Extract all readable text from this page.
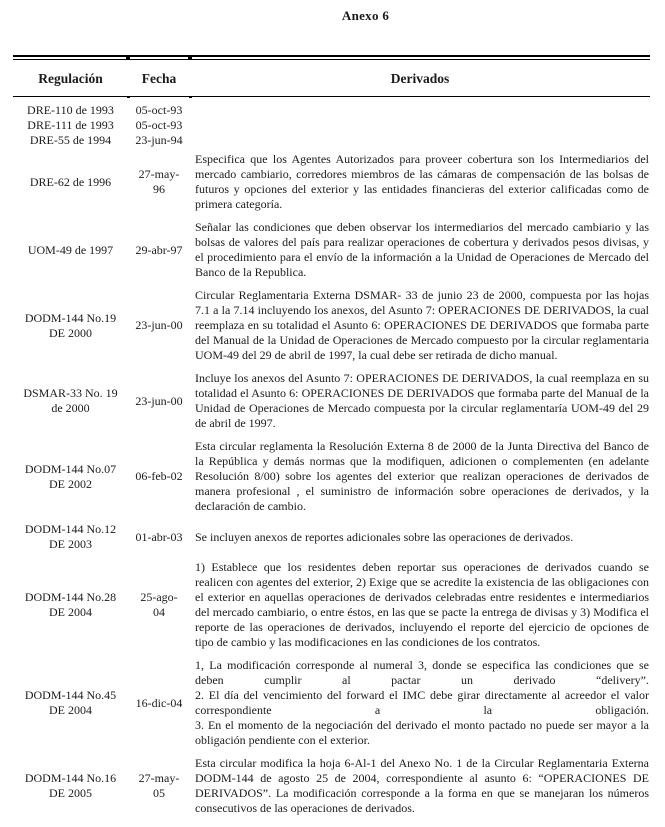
Anexo 6
Regulación	Fecha	Derivados
DRE-110 de 1993	05-oct-93	
DRE-111 de 1993	05-oct-93	
DRE-55 de 1994	23-jun-94	
DRE-62 de 1996	27-may-96	Especifica que los Agentes Autorizados para proveer cobertura son los Intermediarios del mercado cambiario, corredores miembros de las cámaras de compensación de las bolsas de futuros y opciones del exterior y las entidades financieras del exterior calificadas como de primera categoría.

UOM-49 de 1997	29-abr-97	Señalar las condiciones que deben observar los intermediarios del mercado cambiario y las bolsas de valores del país para realizar operaciones de cobertura y derivados pesos divisas, y el procedimiento para el envío de la información a la Unidad de Operaciones de Mercado del Banco de la Republica.

DODM-144 No.19 DE 2000	23-jun-00	Circular Reglamentaria Externa DSMAR- 33 de junio 23 de 2000, compuesta por las hojas 7.1 a la 7.14 incluyendo los anexos, del Asunto 7: OPERACIONES DE DERIVADOS, la cual reemplaza en su totalidad el Asunto 6: OPERACIONES DE DERIVADOS que formaba parte del Manual de la Unidad de Operaciones de Mercado compuesto por la circular reglamentaria UOM-49 del 29 de abril de 1997, la cual debe ser retirada de dicho manual.

DSMAR-33 No. 19 de 2000	23-jun-00	Incluye los anexos del Asunto 7: OPERACIONES DE DERIVADOS, la cual reemplaza en su totalidad el Asunto 6: OPERACIONES DE DERIVADOS que formaba parte del Manual de la Unidad de Operaciones de Mercado compuesta por la circular reglamentaría UOM-49 del 29 de abril de 1997.

DODM-144 No.07 DE 2002	06-feb-02	Esta circular reglamenta la Resolución Externa 8 de 2000 de la Junta Directiva del Banco de la República y demás normas que la modifiquen, adicionen o complementen (en adelante Resolución 8/00) sobre los agentes del exterior que realizan operaciones de derivados de manera profesional , el suministro de información sobre operaciones de derivados, y la declaración de cambio.

DODM-144 No.12 DE 2003	01-abr-03	Se incluyen anexos de reportes adicionales sobre las operaciones de derivados.

DODM-144 No.28 DE 2004	25-ago-04	1) Establece que los residentes deben reportar sus operaciones de derivados cuando se realicen con agentes del exterior, 2) Exige que se acredite la existencia de las obligaciones con el exterior en aquellas operaciones de derivados celebradas entre residentes e intermediarios del mercado cambiario, o entre éstos, en las que se pacte la entrega de divisas y 3) Modifica el reporte de las operaciones de derivados, incluyendo el reporte del ejercicio de opciones de tipo de cambio y las modificaciones en las condiciones de los contratos.

DODM-144 No.45 DE 2004	16-dic-04	1, La modificación corresponde al numeral 3, donde se especifica las condiciones que se deben cumplir al pactar un derivado “delivery”.

2. El día del vencimiento del forward el IMC debe girar directamente al acreedor el valor correspondiente a la obligación.

3. En el momento de la negociación del derivado el monto pactado no puede ser mayor a la obligación pendiente con el exterior.

DODM-144 No.16 DE 2005	27-may-05	Esta circular modifica la hoja 6-Al-1 del Anexo No. 1 de la Circular Reglamentaria Externa DODM-144 de agosto 25 de 2004, correspondiente al asunto 6: “OPERACIONES DE DERIVADOS”. La modificación corresponde a la forma en que se manejaran los números consecutivos de las operaciones de derivados.
